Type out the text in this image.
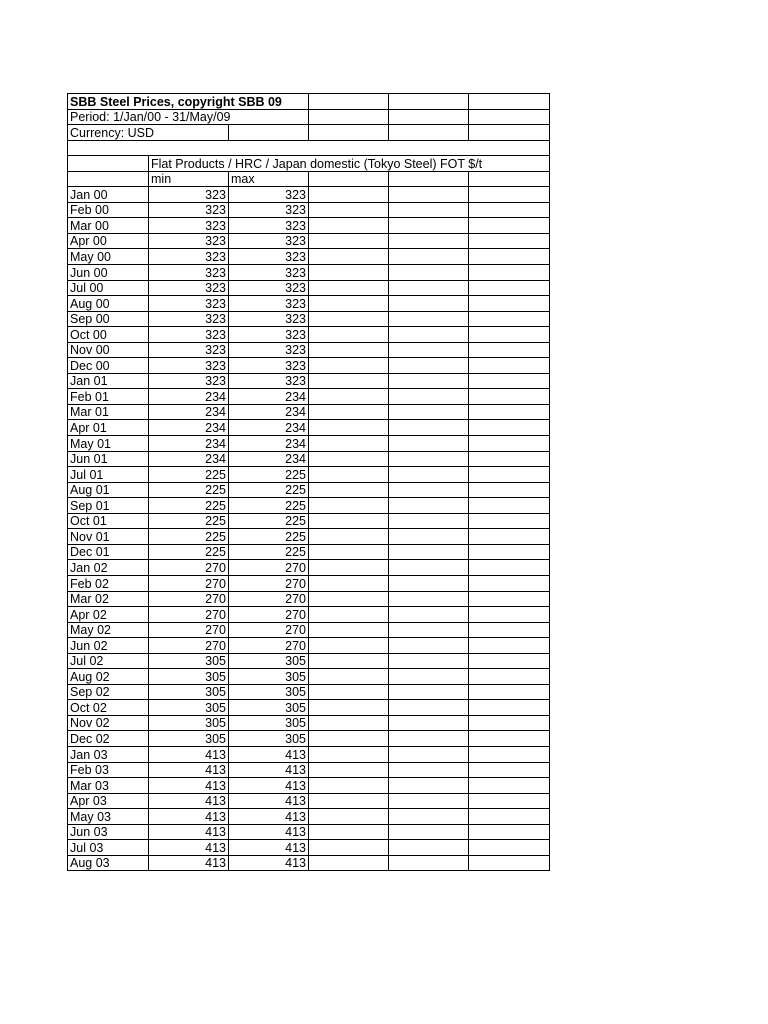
SBB Steel Prices, copyright SBB 09					
Period: 1/Jan/00 - 31/May/09					
Currency: USD					

	Flat Products / HRC / Japan domestic (Tokyo Steel) FOT $/t				
	min	max			
Jan 00	323	323			
Feb 00	323	323			
Mar 00	323	323			
Apr 00	323	323			
May 00	323	323			
Jun 00	323	323			
Jul 00	323	323			
Aug 00	323	323			
Sep 00	323	323			
Oct 00	323	323			
Nov 00	323	323			
Dec 00	323	323			
Jan 01	323	323			
Feb 01	234	234			
Mar 01	234	234			
Apr 01	234	234			
May 01	234	234			
Jun 01	234	234			
Jul 01	225	225			
Aug 01	225	225			
Sep 01	225	225			
Oct 01	225	225			
Nov 01	225	225			
Dec 01	225	225			
Jan 02	270	270			
Feb 02	270	270			
Mar 02	270	270			
Apr 02	270	270			
May 02	270	270			
Jun 02	270	270			
Jul 02	305	305			
Aug 02	305	305			
Sep 02	305	305			
Oct 02	305	305			
Nov 02	305	305			
Dec 02	305	305			
Jan 03	413	413			
Feb 03	413	413			
Mar 03	413	413			
Apr 03	413	413			
May 03	413	413			
Jun 03	413	413			
Jul 03	413	413			
Aug 03	413	413			
